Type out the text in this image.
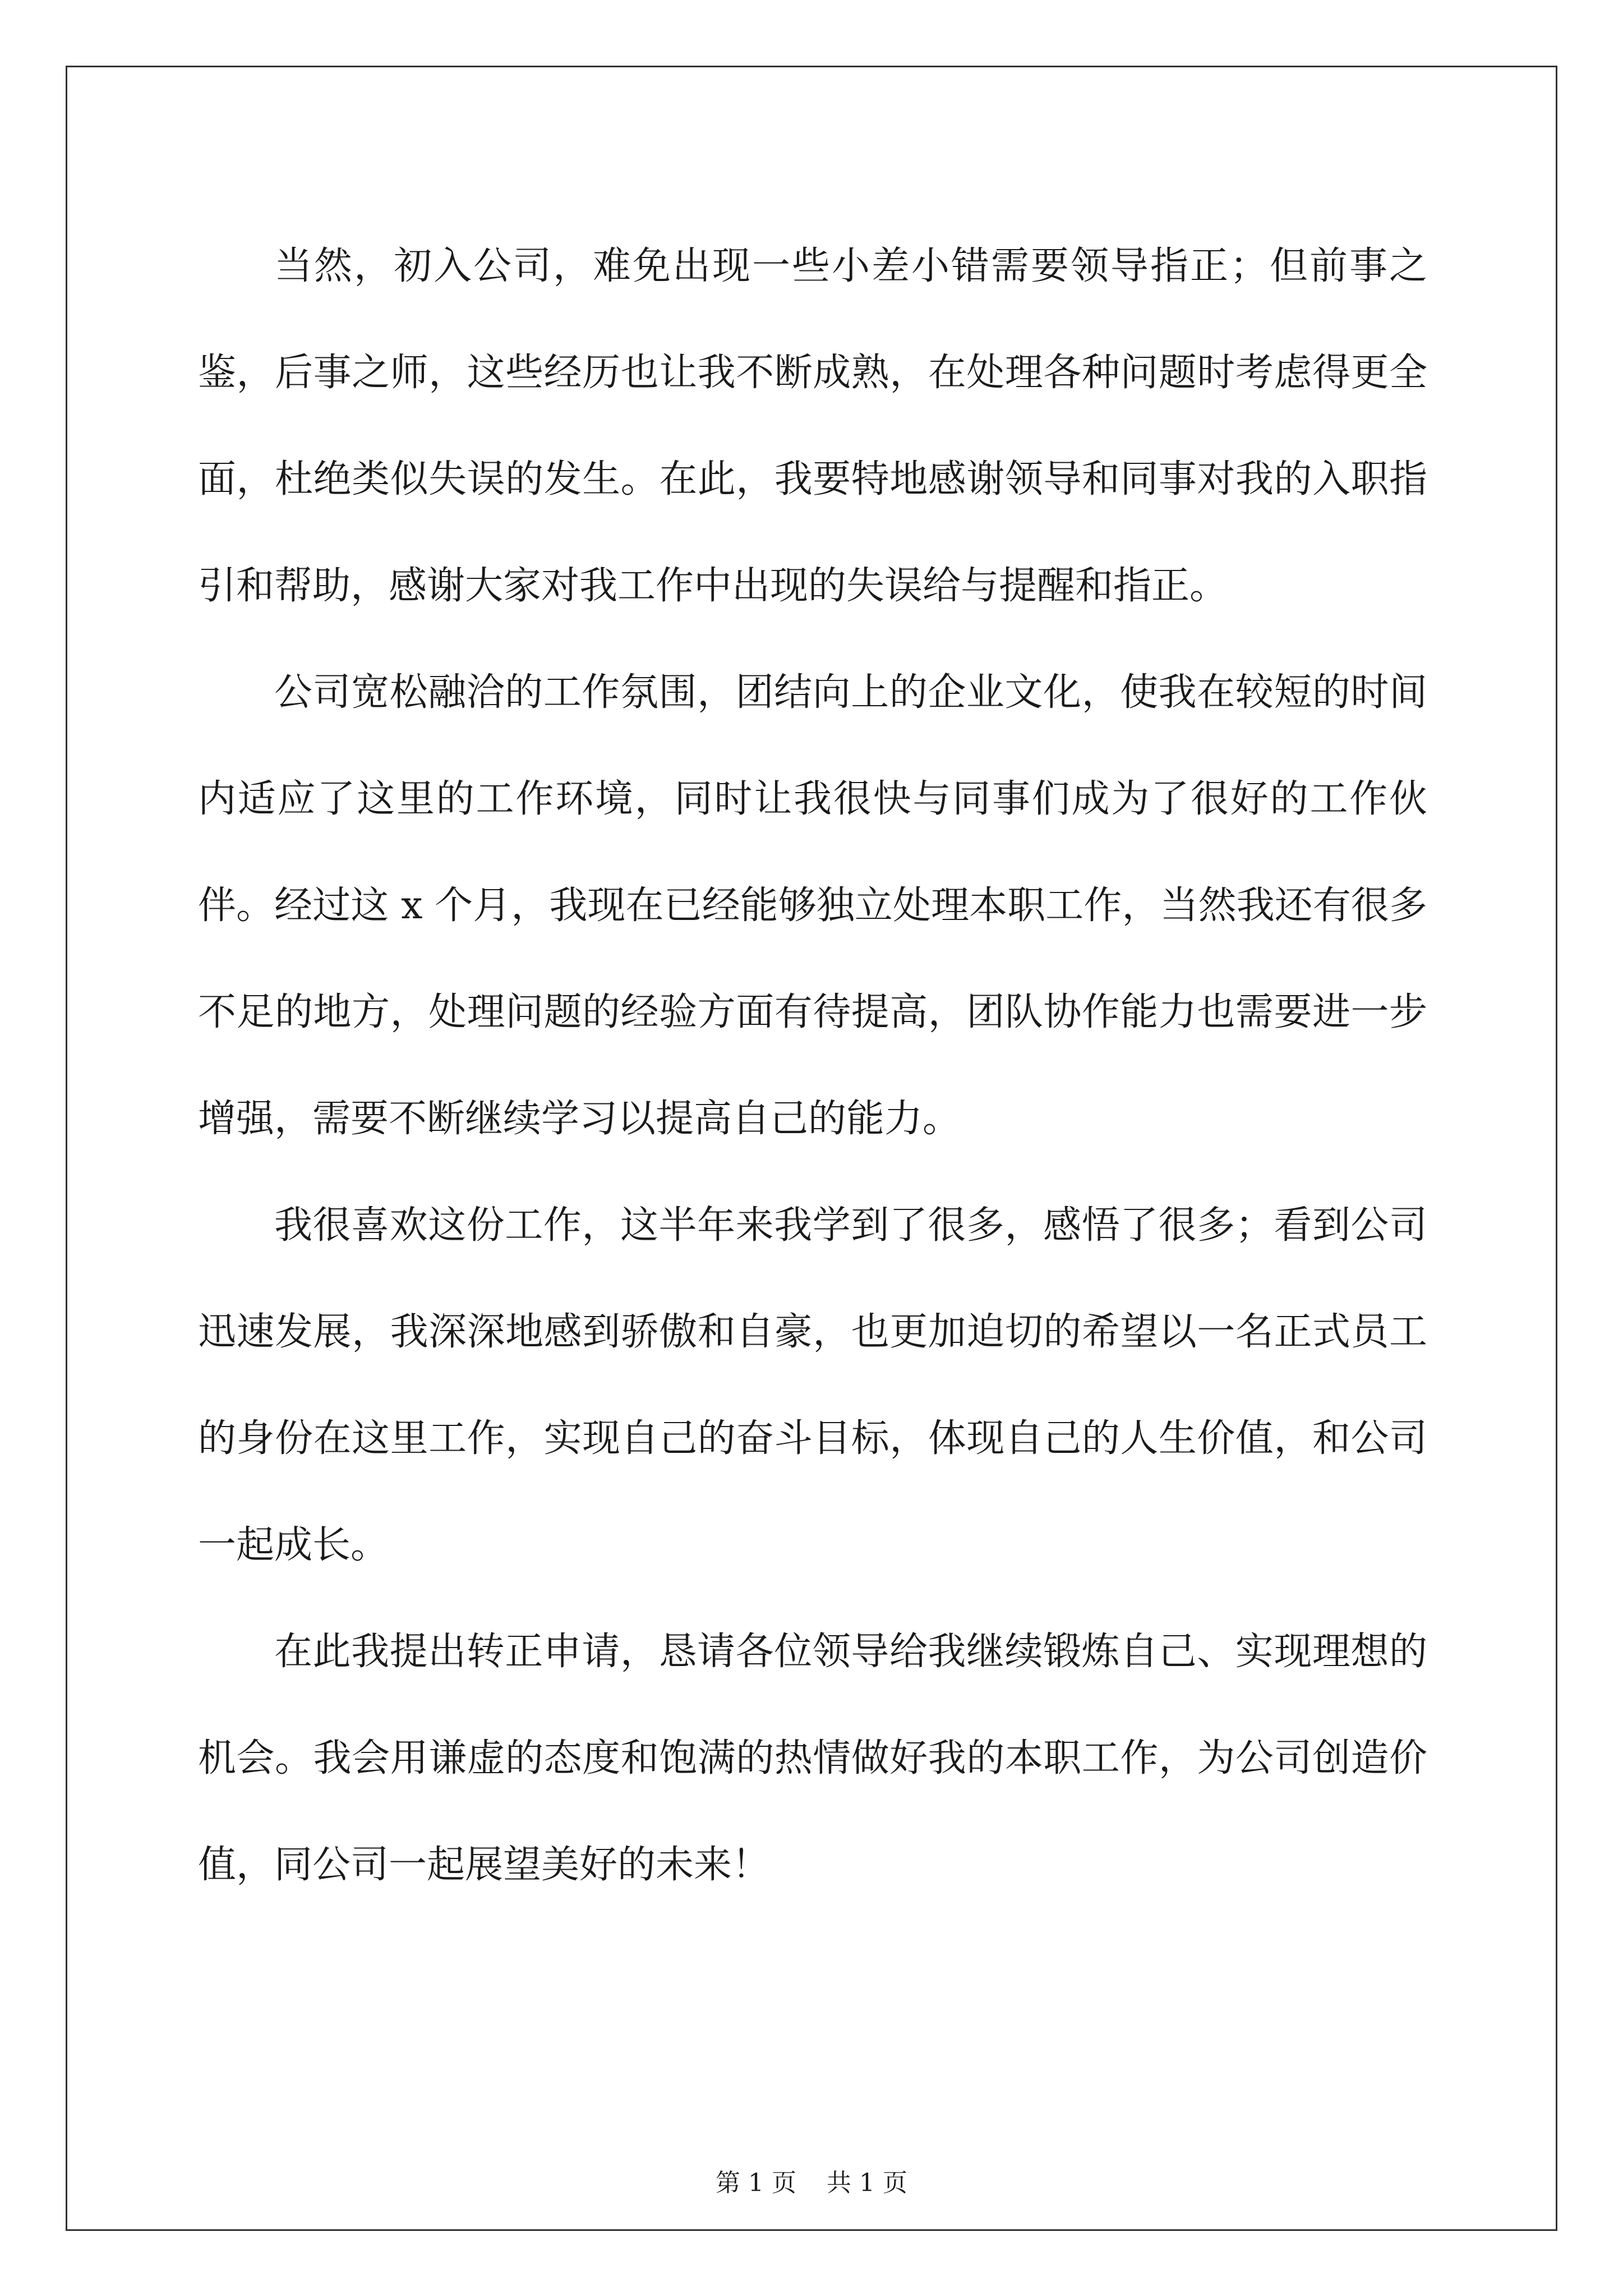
当然，初入公司，难免出现一些小差小错需要领导指正；但前事之鉴，后事之师，这些经历也让我不断成熟，在处理各种问题时考虑得更全面，杜绝类似失误的发生。在此，我要特地感谢领导和同事对我的入职指引和帮助，感谢大家对我工作中出现的失误给与提醒和指正。

公司宽松融洽的工作氛围，团结向上的企业文化，使我在较短的时间内适应了这里的工作环境，同时让我很快与同事们成为了很好的工作伙伴。经过这 x 个月，我现在已经能够独立处理本职工作，当然我还有很多不足的地方，处理问题的经验方面有待提高，团队协作能力也需要进一步增强，需要不断继续学习以提高自己的能力。

我很喜欢这份工作，这半年来我学到了很多，感悟了很多；看到公司迅速发展，我深深地感到骄傲和自豪，也更加迫切的希望以一名正式员工的身份在这里工作，实现自己的奋斗目标，体现自己的人生价值，和公司一起成长。

在此我提出转正申请，恳请各位领导给我继续锻炼自己、实现理想的机会。我会用谦虚的态度和饱满的热情做好我的本职工作，为公司创造价值，同公司一起展望美好的未来！

第 1 页 共 1 页
